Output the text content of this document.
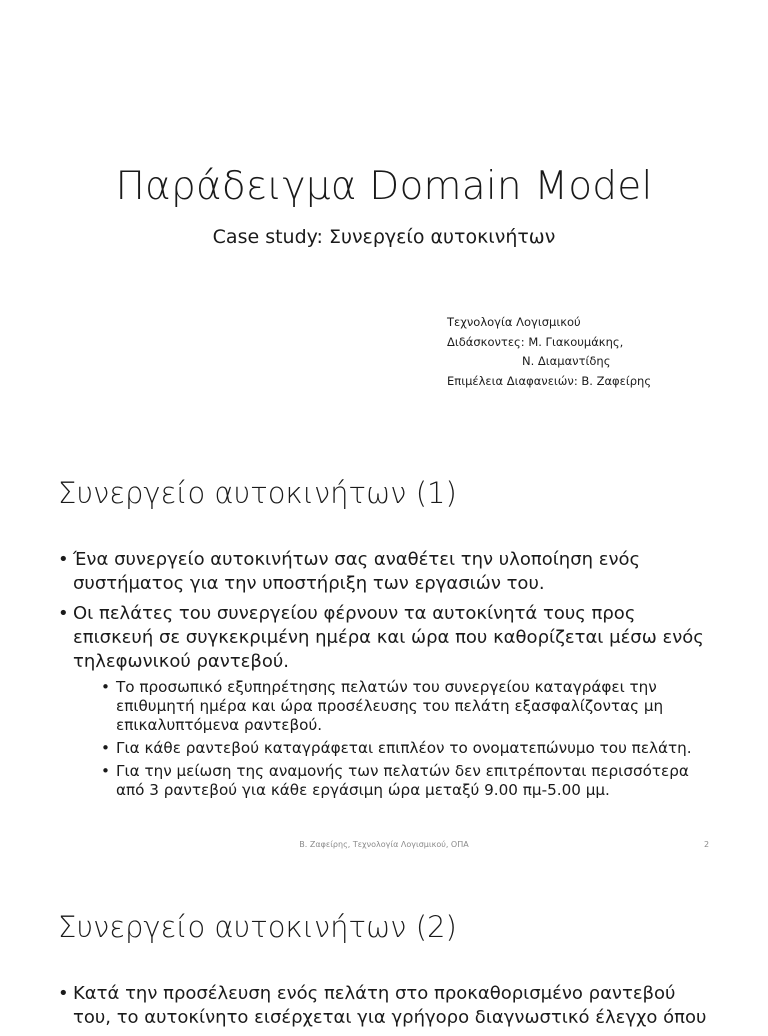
Παράδειγμα Domain Model
Case study: Συνεργείο αυτοκινήτων
Τεχνολογία Λογισμικού
Διδάσκοντες: Μ. Γιακουμάκης,
Ν. Διαμαντίδης
Επιμέλεια Διαφανειών: Β. Ζαφείρης
Συνεργείο αυτοκινήτων (1)
• Ένα συνεργείο αυτοκινήτων σας αναθέτει την υλοποίηση ενός συστήματος για την υποστήριξη των εργασιών του.
• Οι πελάτες του συνεργείου φέρνουν τα αυτοκίνητά τους προς επισκευή σε συγκεκριμένη ημέρα και ώρα που καθορίζεται μέσω ενός τηλεφωνικού ραντεβού.
• Το προσωπικό εξυπηρέτησης πελατών του συνεργείου καταγράφει την επιθυμητή ημέρα και ώρα προσέλευσης του πελάτη εξασφαλίζοντας μη επικαλυπτόμενα ραντεβού.
• Για κάθε ραντεβού καταγράφεται επιπλέον το ονοματεπώνυμο του πελάτη.
• Για την μείωση της αναμονής των πελατών δεν επιτρέπονται περισσότερα από 3 ραντεβού για κάθε εργάσιμη ώρα μεταξύ 9.00 πμ-5.00 μμ.
Β. Ζαφείρης, Τεχνολογία Λογισμικού, ΟΠΑ	2
Συνεργείο αυτοκινήτων (2)
• Κατά την προσέλευση ενός πελάτη στο προκαθορισμένο ραντεβού του, το αυτοκίνητο εισέρχεται για γρήγορο διαγνωστικό έλεγχο όπου
